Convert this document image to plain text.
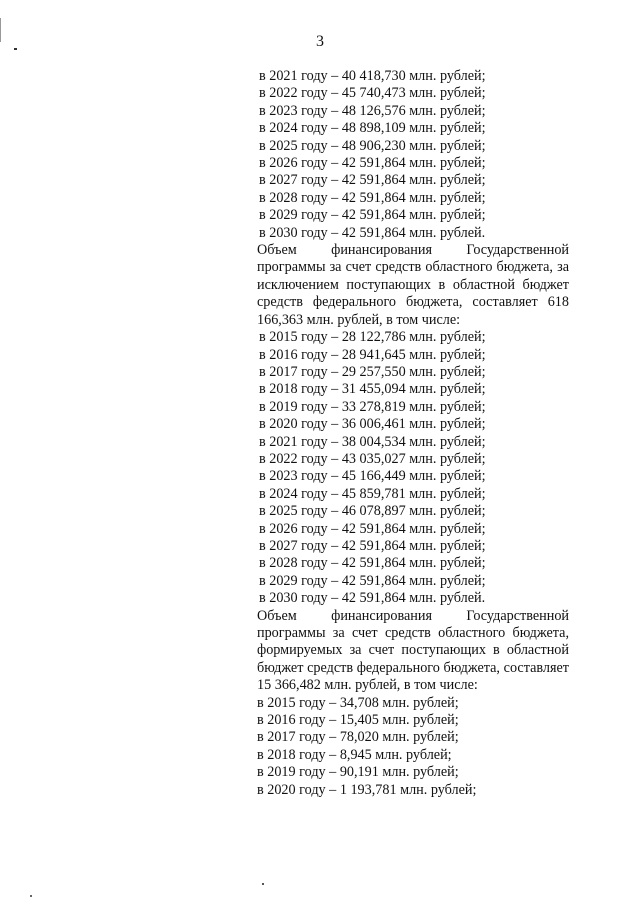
3
в 2021 году – 40 418,730 млн. рублей;
в 2022 году – 45 740,473 млн. рублей;
в 2023 году – 48 126,576 млн. рублей;
в 2024 году – 48 898,109 млн. рублей;
в 2025 году – 48 906,230 млн. рублей;
в 2026 году – 42 591,864 млн. рублей;
в 2027 году – 42 591,864 млн. рублей;
в 2028 году – 42 591,864 млн. рублей;
в 2029 году – 42 591,864 млн. рублей;
в 2030 году – 42 591,864 млн. рублей.
Объем финансирования Государственной программы за счет средств областного бюджета, за исключением поступающих в областной бюджет средств федерального бюджета, составляет 618 166,363 млн. рублей, в том числе:
в 2015 году – 28 122,786 млн. рублей;
в 2016 году – 28 941,645 млн. рублей;
в 2017 году – 29 257,550 млн. рублей;
в 2018 году – 31 455,094 млн. рублей;
в 2019 году – 33 278,819 млн. рублей;
в 2020 году – 36 006,461 млн. рублей;
в 2021 году – 38 004,534 млн. рублей;
в 2022 году – 43 035,027 млн. рублей;
в 2023 году – 45 166,449 млн. рублей;
в 2024 году – 45 859,781 млн. рублей;
в 2025 году – 46 078,897 млн. рублей;
в 2026 году – 42 591,864 млн. рублей;
в 2027 году – 42 591,864 млн. рублей;
в 2028 году – 42 591,864 млн. рублей;
в 2029 году – 42 591,864 млн. рублей;
в 2030 году – 42 591,864 млн. рублей.
Объем финансирования Государственной программы за счет средств областного бюджета, формируемых за счет поступающих в областной бюджет средств федерального бюджета, составляет 15 366,482 млн. рублей, в том числе:
в 2015 году – 34,708 млн. рублей;
в 2016 году – 15,405 млн. рублей;
в 2017 году – 78,020 млн. рублей;
в 2018 году – 8,945 млн. рублей;
в 2019 году – 90,191 млн. рублей;
в 2020 году – 1 193,781 млн. рублей;
